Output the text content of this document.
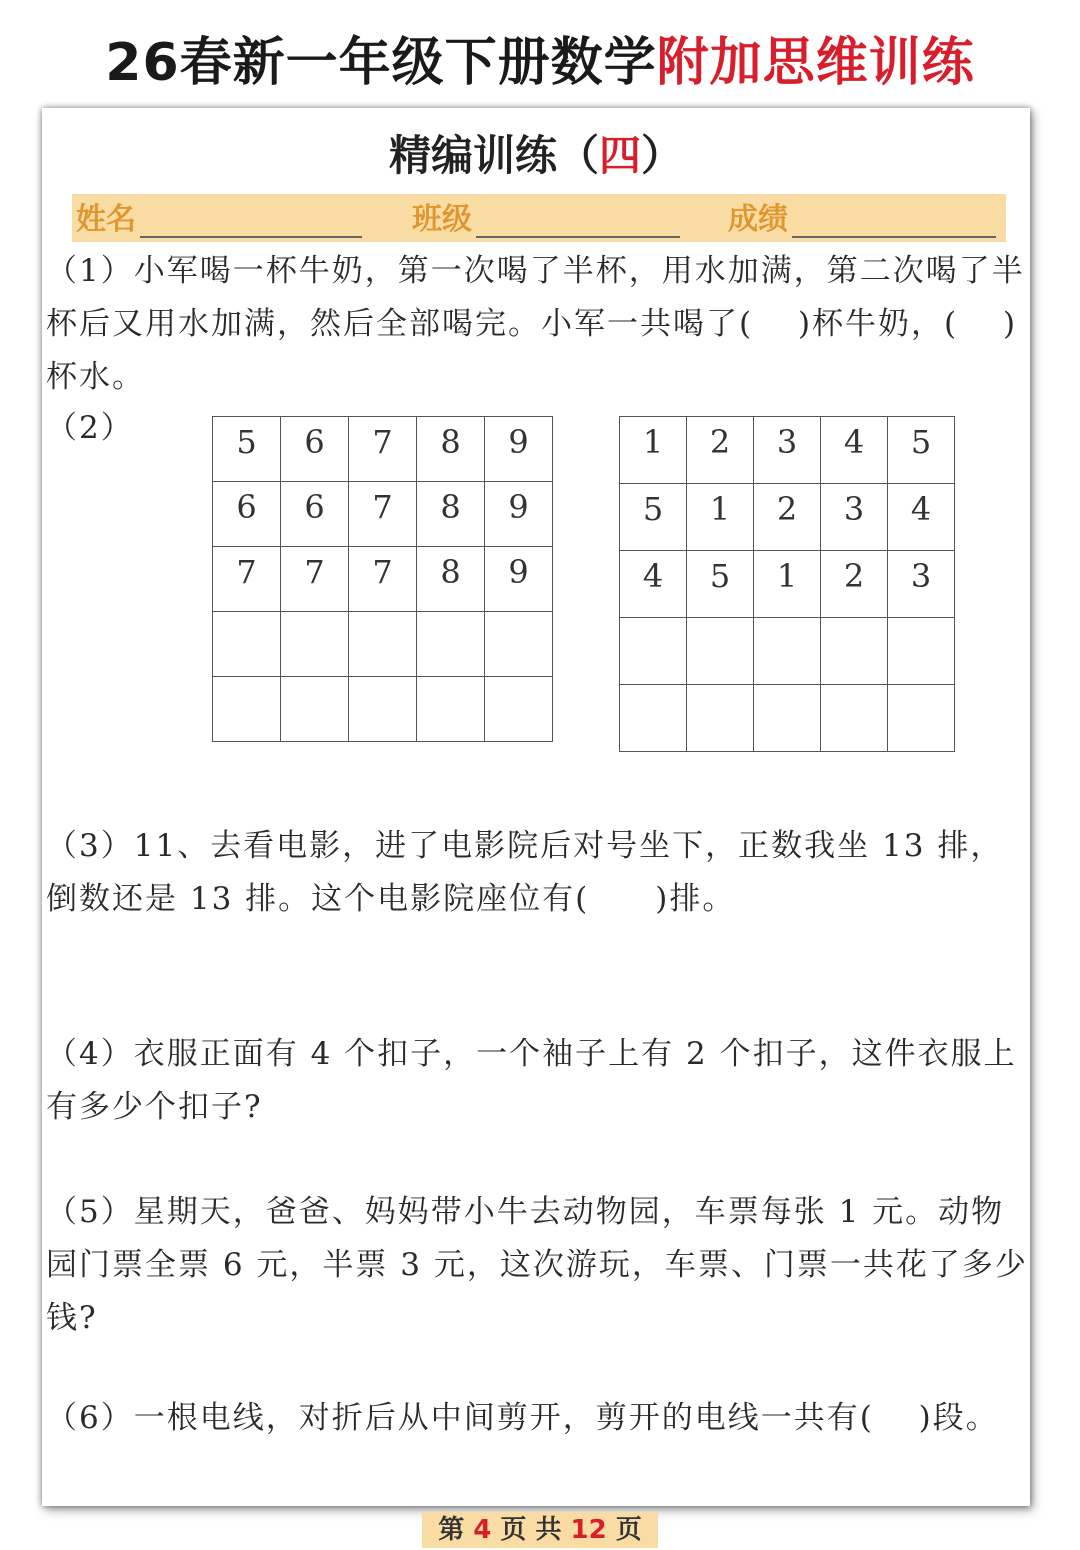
26春新一年级下册数学附加思维训练
精编训练（四）
姓名	班级	成绩

（1）小军喝一杯牛奶，第一次喝了半杯，用水加满，第二次喝了半杯后又用水加满，然后全部喝完。小军一共喝了(　 )杯牛奶，(　 )杯水。

（2）	5	6	7	8	9
6	6	7	8	9
7	7	7	8	9

1	2	3	4	5
5	1	2	3	4
4	5	1	2	3

（3）11、去看电影，进了电影院后对号坐下，正数我坐 13 排，倒数还是 13 排。这个电影院座位有(　　)排。

（4）衣服正面有 4 个扣子，一个袖子上有 2 个扣子，这件衣服上有多少个扣子?

（5）星期天，爸爸、妈妈带小牛去动物园，车票每张 1 元。动物园门票全票 6 元，半票 3 元，这次游玩，车票、门票一共花了多少钱?

（6）一根电线，对折后从中间剪开，剪开的电线一共有(　 )段。

第 4 页 共 12 页
